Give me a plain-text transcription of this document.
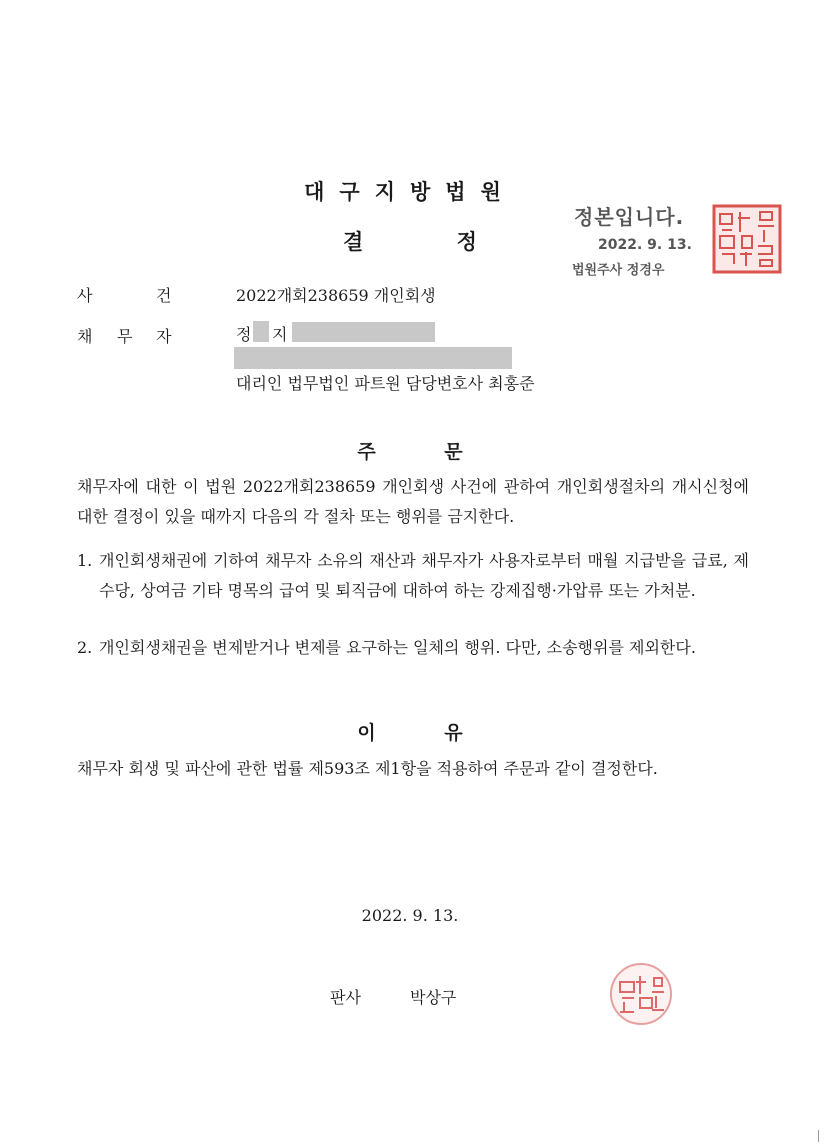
대구지방법원
결 정
정본입니다.
2022. 9. 13.
법원주사 정경우
사	건	2022개회238659 개인회생
채 무 자	정 지
대리인 법무법인 파트원 담당변호사 최홍준
주 문
채무자에 대한 이 법원 2022개회238659 개인회생 사건에 관하여 개인회생절차의 개시신청에 대한 결정이 있을 때까지 다음의 각 절차 또는 행위를 금지한다.
1. 개인회생채권에 기하여 채무자 소유의 재산과 채무자가 사용자로부터 매월 지급받을 급료, 제수당, 상여금 기타 명목의 급여 및 퇴직금에 대하여 하는 강제집행·가압류 또는 가처분.
2. 개인회생채권을 변제받거나 변제를 요구하는 일체의 행위. 다만, 소송행위를 제외한다.
이 유
채무자 회생 및 파산에 관한 법률 제593조 제1항을 적용하여 주문과 같이 결정한다.
2022. 9. 13.
판사	박상구
